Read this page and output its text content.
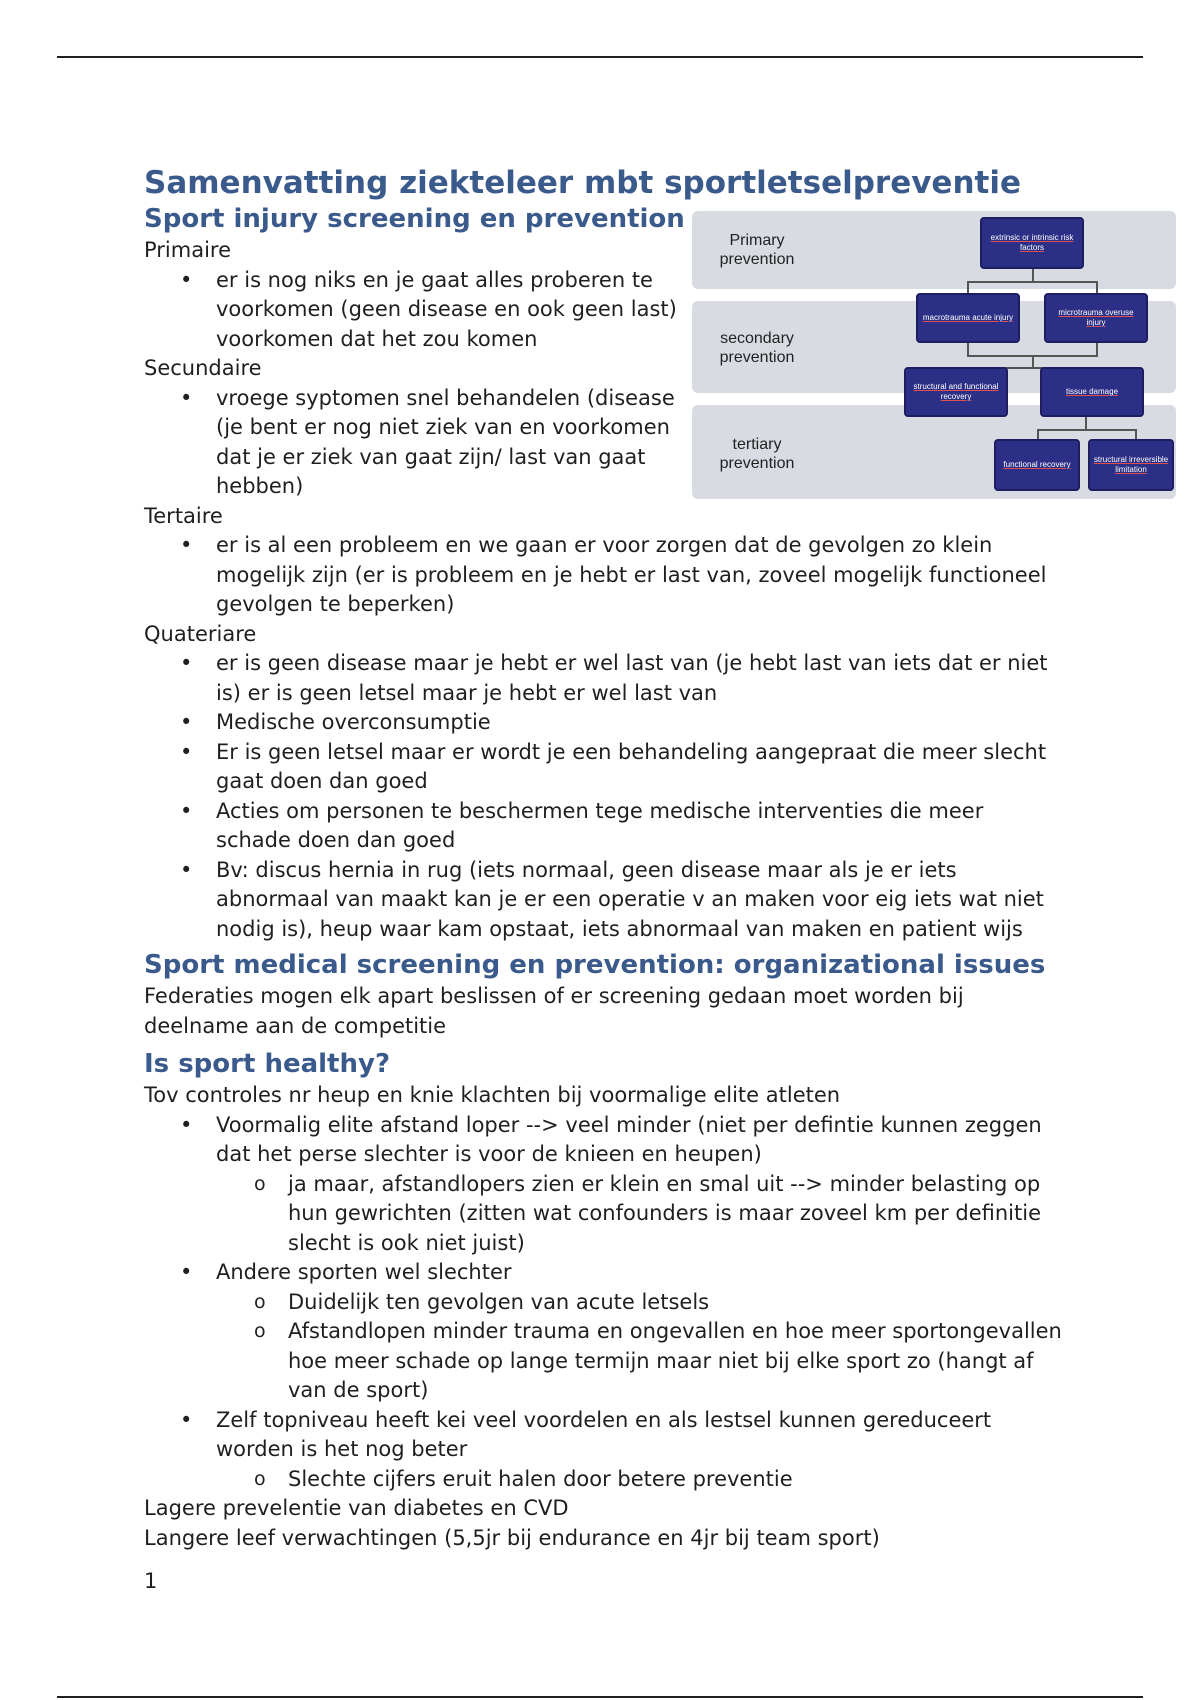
Samenvatting ziekteleer mbt sportletselpreventie
Sport injury screening en prevention

Primaire

• er is nog niks en je gaat alles proberen te voorkomen (geen disease en ook geen last) voorkomen dat het zou komen

Secundaire

• vroege syptomen snel behandelen (disease (je bent er nog niet ziek van en voorkomen dat je er ziek van gaat zijn/ last van gaat hebben)

Tertaire

• er is al een probleem en we gaan er voor zorgen dat de gevolgen zo klein mogelijk zijn (er is probleem en je hebt er last van, zoveel mogelijk functioneel gevolgen te beperken)

Quateriare

• er is geen disease maar je hebt er wel last van (je hebt last van iets dat er niet is) er is geen letsel maar je hebt er wel last van
• Medische overconsumptie
• Er is geen letsel maar er wordt je een behandeling aangepraat die meer slecht gaat doen dan goed
• Acties om personen te beschermen tege medische interventies die meer schade doen dan goed
• Bv: discus hernia in rug (iets normaal, geen disease maar als je er iets abnormaal van maakt kan je er een operatie v an maken voor eig iets wat niet nodig is), heup waar kam opstaat, iets abnormaal van maken en patient wijs
Sport medical screening en prevention: organizational issues

Federaties mogen elk apart beslissen of er screening gedaan moet worden bij deelname aan de competitie

Is sport healthy?

Tov controles nr heup en knie klachten bij voormalige elite atleten

• Voormalig elite afstand loper --> veel minder (niet per defintie kunnen zeggen dat het perse slechter is voor de knieen en heupen)
o ja maar, afstandlopers zien er klein en smal uit --> minder belasting op hun gewrichten (zitten wat confounders is maar zoveel km per definitie slecht is ook niet juist)
• Andere sporten wel slechter
o Duidelijk ten gevolgen van acute letsels
o Afstandlopen minder trauma en ongevallen en hoe meer sportongevallen hoe meer schade op lange termijn maar niet bij elke sport zo (hangt af van de sport)
• Zelf topniveau heeft kei veel voordelen en als lestsel kunnen gereduceert worden is het nog beter
o Slechte cijfers eruit halen door betere preventie

Lagere prevelentie van diabetes en CVD

Langere leef verwachtingen (5,5jr bij endurance en 4jr bij team sport)

Primary prevention
secondary prevention
tertiary prevention
extrinsic or intrinsic risk factors
macrotrauma acute injury
microtrauma overuse injury
structural and functional recovery
tissue damage
functional recovery
structural irreversible limitation
1
